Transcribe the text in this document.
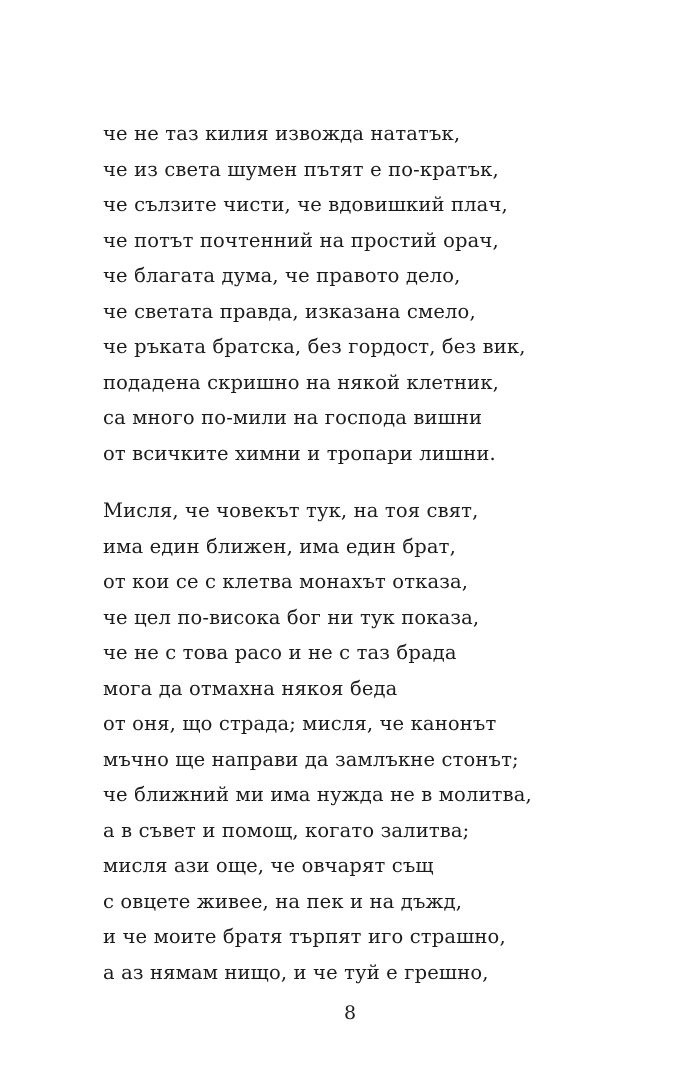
че не таз килия извожда нататък,
че из света шумен пътят е по-кратък,
че сълзите чисти, че вдовишкий плач,
че потът почтенний на простий орач,
че благата дума, че правото дело,
че светата правда, изказана смело,
че ръката братска, без гордост, без вик,
подадена скришно на някой клетник,
са много по-мили на господа вишни
от всичките химни и тропари лишни.
Мисля, че човекът тук, на тоя свят,
има един ближен, има един брат,
от кои се с клетва монахът отказа,
че цел по-висока бог ни тук показа,
че не с това расо и не с таз брада
мога да отмахна някоя беда
от оня, що страда; мисля, че канонът
мъчно ще направи да замлъкне стонът;
че ближний ми има нужда не в молитва,
а в съвет и помощ, когато залитва;
мисля ази още, че овчарят същ
с овцете живее, на пек и на дъжд,
и че моите братя търпят иго страшно,
а аз нямам нищо, и че туй е грешно,
8
